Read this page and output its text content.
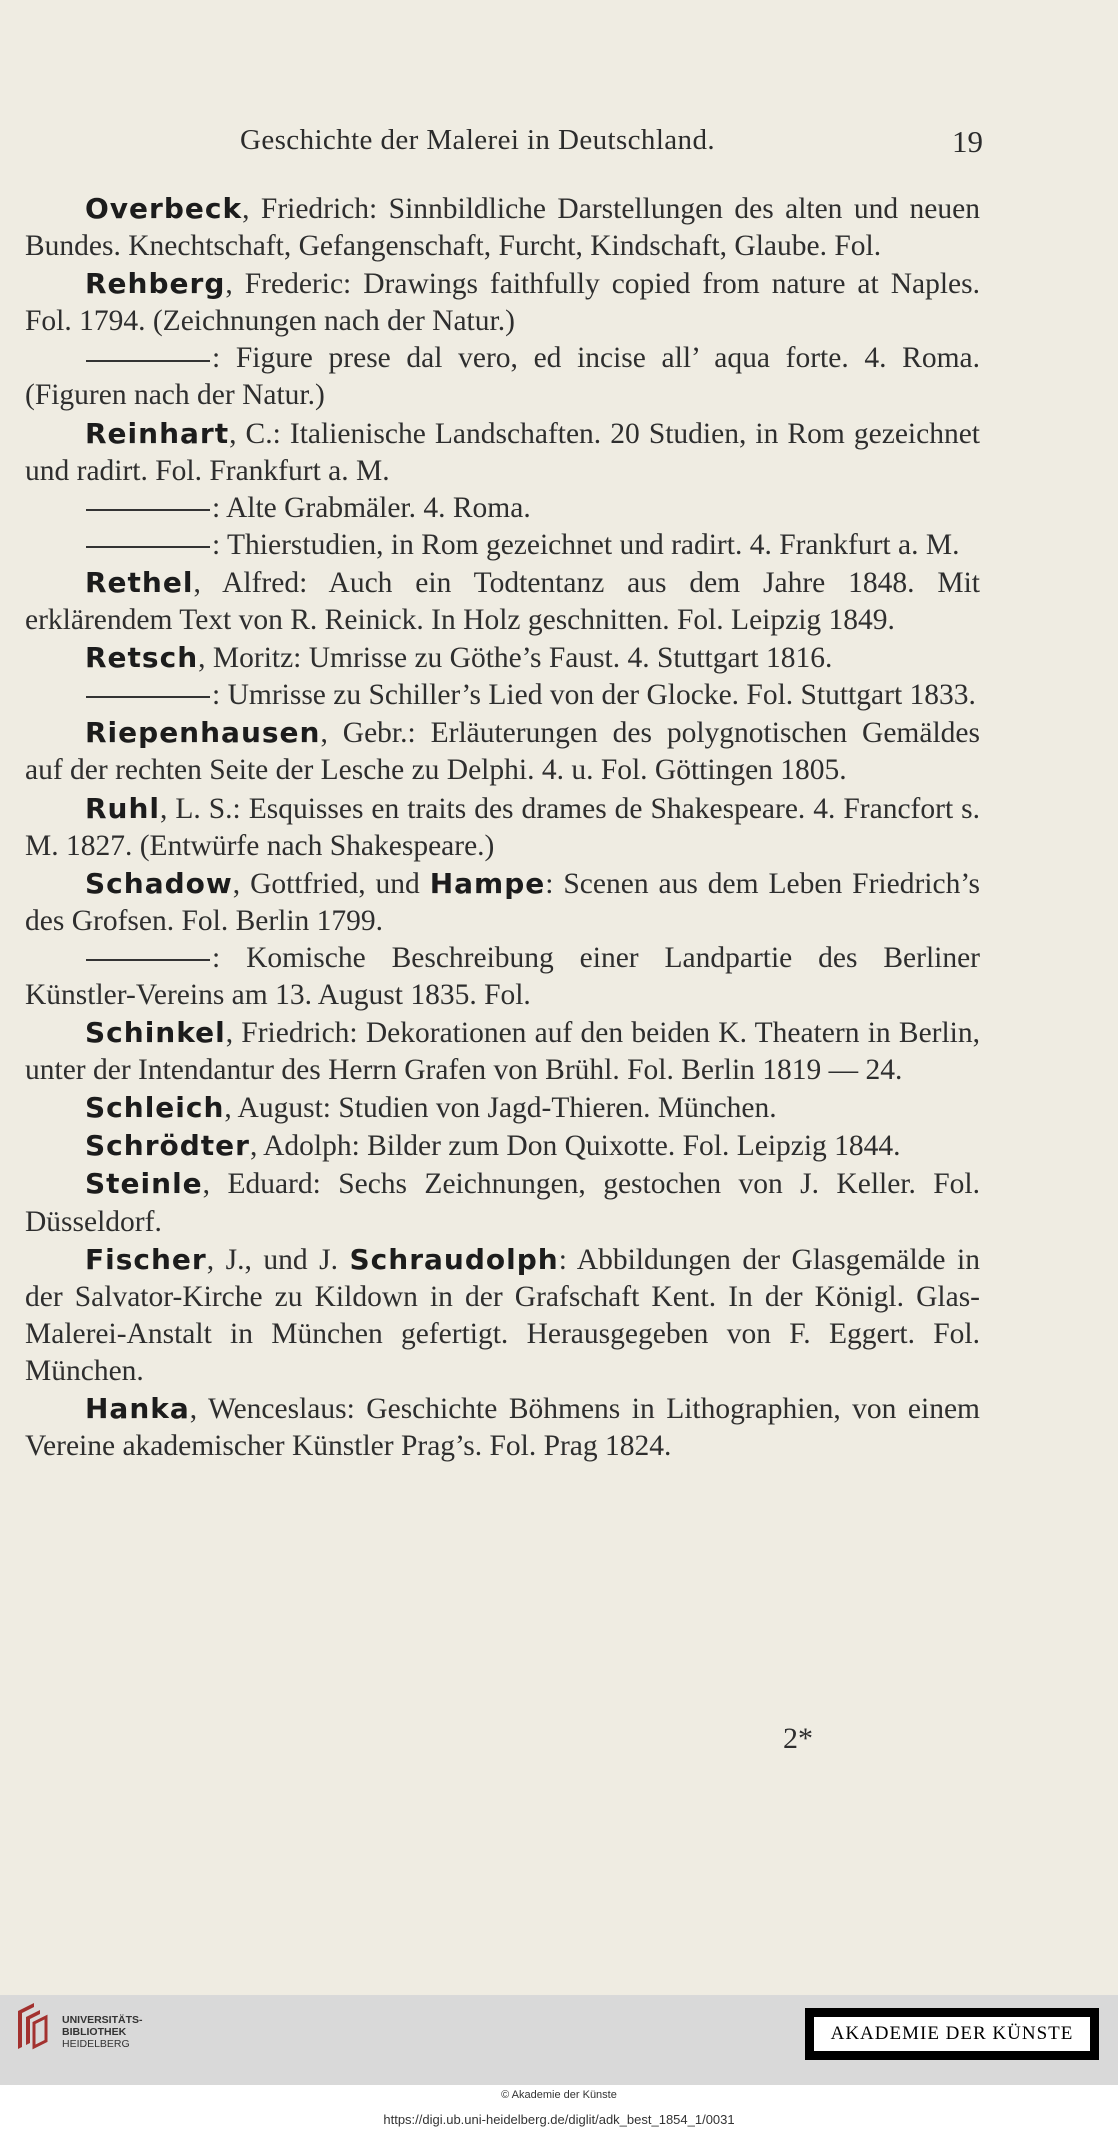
Geschichte der Malerei in Deutschland.	19

Overbeck, Friedrich: Sinnbildliche Darstellungen des alten und neuen Bundes. Knechtschaft, Gefangenschaft, Furcht, Kindschaft, Glaube. Fol.

Rehberg, Frederic: Drawings faithfully copied from nature at Naples. Fol. 1794. (Zeichnungen nach der Natur.)

: Figure prese dal vero, ed incise all’ aqua forte. 4. Roma. (Figuren nach der Natur.)

Reinhart, C.: Italienische Landschaften. 20 Studien, in Rom gezeichnet und radirt. Fol. Frankfurt a. M.

: Alte Grabmäler. 4. Roma.

: Thierstudien, in Rom gezeichnet und radirt. 4. Frankfurt a. M.

Rethel, Alfred: Auch ein Todtentanz aus dem Jahre 1848. Mit erklärendem Text von R. Reinick. In Holz geschnitten. Fol. Leipzig 1849.

Retsch, Moritz: Umrisse zu Göthe’s Faust. 4. Stuttgart 1816.

: Umrisse zu Schiller’s Lied von der Glocke. Fol. Stuttgart 1833.

Riepenhausen, Gebr.: Erläuterungen des polygnotischen Gemäldes auf der rechten Seite der Lesche zu Delphi. 4. u. Fol. Göttingen 1805.

Ruhl, L. S.: Esquisses en traits des drames de Shakespeare. 4. Francfort s. M. 1827. (Entwürfe nach Shakespeare.)

Schadow, Gottfried, und Hampe: Scenen aus dem Leben Friedrich’s des Grofsen. Fol. Berlin 1799.

: Komische Beschreibung einer Landpartie des Berliner Künstler-Vereins am 13. August 1835. Fol.

Schinkel, Friedrich: Dekorationen auf den beiden K. Theatern in Berlin, unter der Intendantur des Herrn Grafen von Brühl. Fol. Berlin 1819 — 24.

Schleich, August: Studien von Jagd-Thieren. München.

Schrödter, Adolph: Bilder zum Don Quixotte. Fol. Leipzig 1844.

Steinle, Eduard: Sechs Zeichnungen, gestochen von J. Keller. Fol. Düsseldorf.

Fischer, J., und J. Schraudolph: Abbildungen der Glasgemälde in der Salvator-Kirche zu Kildown in der Grafschaft Kent. In der Königl. Glas-Malerei-Anstalt in München gefertigt. Herausgegeben von F. Eggert. Fol. München.

Hanka, Wenceslaus: Geschichte Böhmens in Lithographien, von einem Vereine akademischer Künstler Prag’s. Fol. Prag 1824.

2*
UNIVERSITÄTS-
BIBLIOTHEK
HEIDELBERG	AKADEMIE DER KÜNSTE
© Akademie der Künste
https://digi.ub.uni-heidelberg.de/diglit/adk_best_1854_1/0031
